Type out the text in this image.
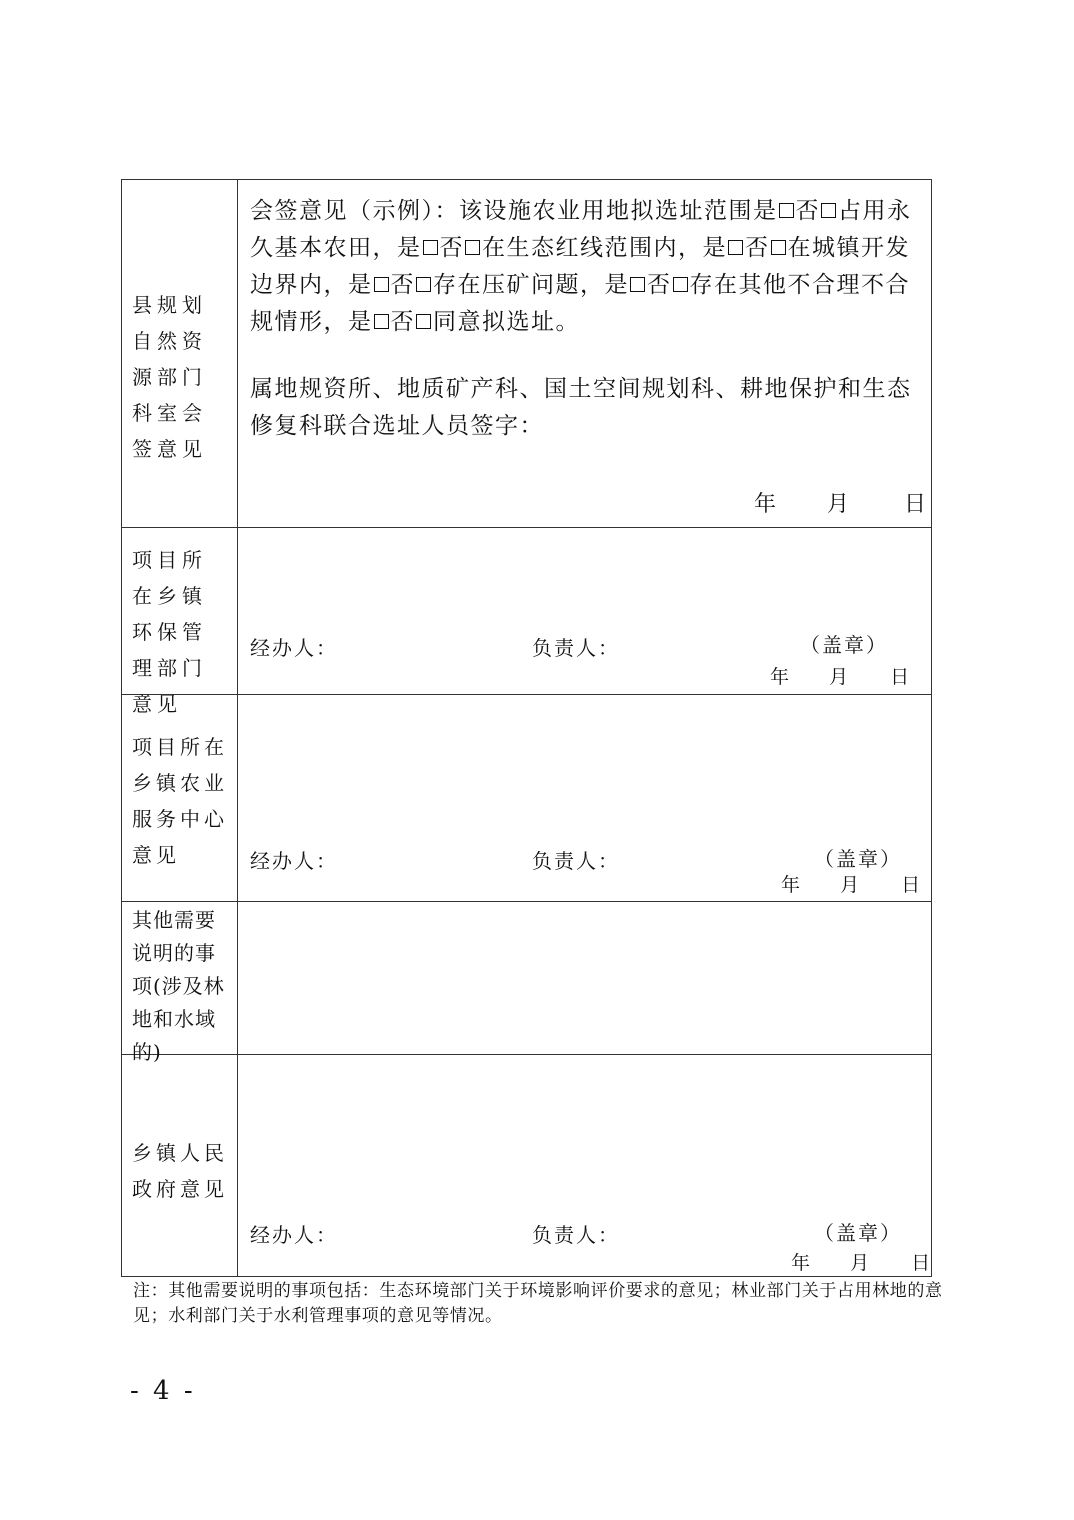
县规划自然资源部门科室会签意见	会签意见（示例）：该设施农业用地拟选址范围是 否 占用永久基本农田，是 否 在生态红线范围内，是 否 在城镇开发边界内，是 否 存在压矿问题，是 否 存在其他不合理不合规情形，是 否 同意拟选址。

属地规资所、地质矿产科、国土空间规划科、耕地保护和生态修复科联合选址人员签字：

年 月 日

项目所在乡镇环保管理部门意见	经办人： 负责人： （盖章）
年 月 日

项目所在乡镇农业服务中心意见	经办人： 负责人： （盖章）
年 月 日

其他需要说明的事项(涉及林地和水域的)	

乡镇人民政府意见	经办人： 负责人： （盖章）
年 月 日
注：其他需要说明的事项包括：生态环境部门关于环境影响评价要求的意见；林业部门关于占用林地的意见；水利部门关于水利管理事项的意见等情况。
- 4 -
